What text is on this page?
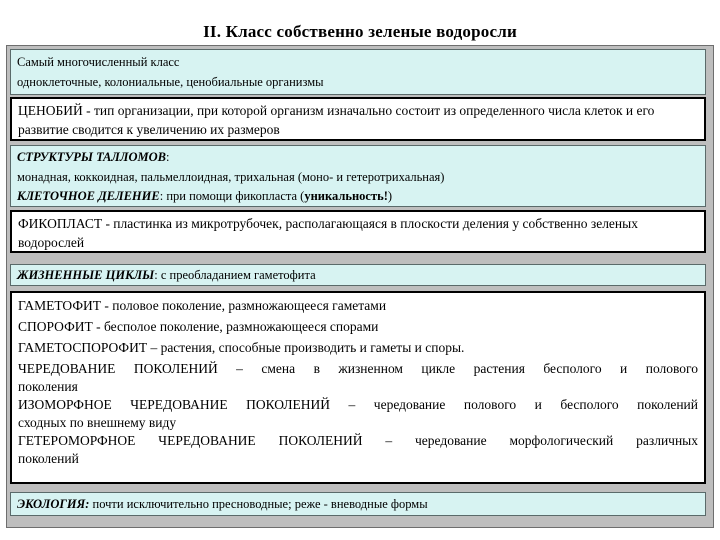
II. Класс собственно зеленые водоросли
Самый многочисленный класс
одноклеточные, колониальные, ценобиальные организмы
ЦЕНОБИЙ - тип организации, при которой организм изначально состоит из определенного числа клеток и его развитие сводится к увеличению их размеров
СТРУКТУРЫ ТАЛЛОМОВ:
монадная, коккоидная, пальмеллоидная, трихальная (моно- и гетеротрихальная)
КЛЕТОЧНОЕ ДЕЛЕНИЕ: при помощи фикопласта (уникальность!)
ФИКОПЛАСТ - пластинка из микротрубочек, располагающаяся в плоскости деления у собственно зеленых водорослей
ЖИЗНЕННЫЕ ЦИКЛЫ: с преобладанием гаметофита
ГАМЕТОФИТ - половое поколение, размножающееся гаметами
СПОРОФИТ - бесполое поколение, размножающееся спорами
ГАМЕТОСПОРОФИТ – растения, способные производить и гаметы и споры.
ЧЕРЕДОВАНИЕ ПОКОЛЕНИЙ – смена в жизненном цикле растения бесполого и полового
поколения
ИЗОМОРФНОЕ ЧЕРЕДОВАНИЕ ПОКОЛЕНИЙ – чередование полового и бесполого поколений
сходных по внешнему виду
ГЕТЕРОМОРФНОЕ ЧЕРЕДОВАНИЕ ПОКОЛЕНИЙ – чередование морфологический различных
поколений
ЭКОЛОГИЯ: почти исключительно пресноводные; реже - вневодные формы
